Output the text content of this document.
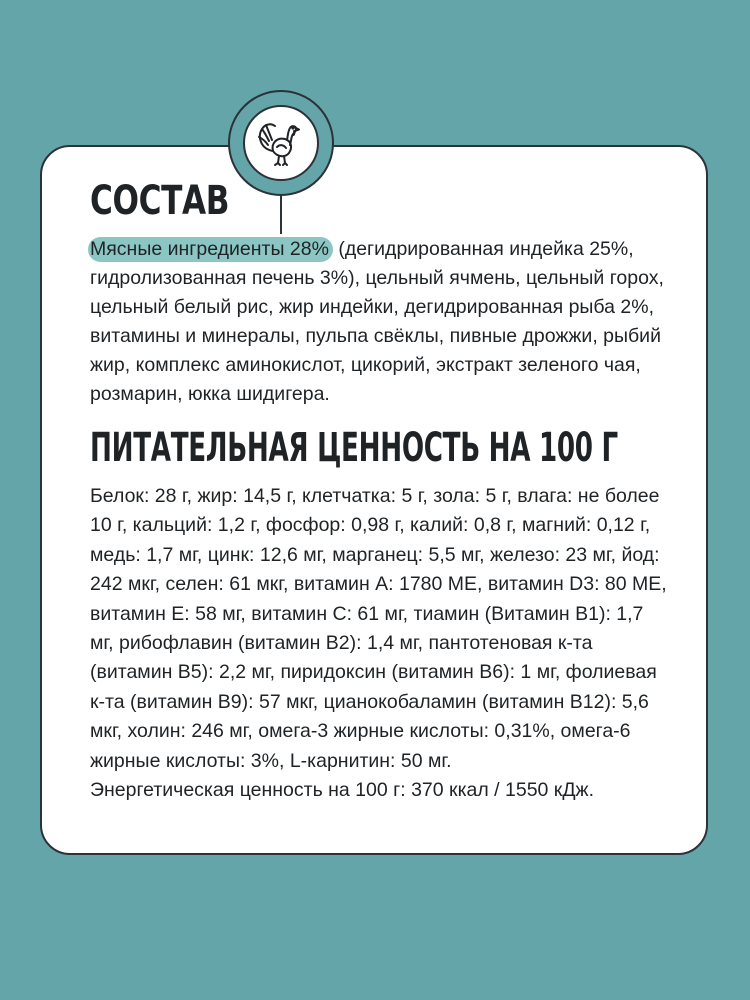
СОСТАВ

Мясные ингредиенты 28% (дегидрированная индейка 25%, гидролизованная печень 3%), цельный ячмень, цельный горох, цельный белый рис, жир индейки, дегидрированная рыба 2%, витамины и минералы, пульпа свёклы, пивные дрожжи, рыбий жир, комплекс аминокислот, цикорий, экстракт зеленого чая, розмарин, юкка шидигера.

ПИТАТЕЛЬНАЯ ЦЕННОСТЬ НА 100 Г

Белок: 28 г, жир: 14,5 г, клетчатка: 5 г, зола: 5 г, влага: не более 10 г, кальций: 1,2 г, фосфор: 0,98 г, калий: 0,8 г, магний: 0,12 г, медь: 1,7 мг, цинк: 12,6 мг, марганец: 5,5 мг, железо: 23 мг, йод: 242 мкг, селен: 61 мкг, витамин А: 1780 МЕ, витамин D3: 80 МЕ, витамин Е: 58 мг, витамин С: 61 мг, тиамин (Витамин В1): 1,7 мг, рибофлавин (витамин В2): 1,4 мг, пантотеновая к-та (витамин В5): 2,2 мг, пиридоксин (витамин В6): 1 мг, фолиевая к-та (витамин В9): 57 мкг, цианокобаламин (витамин В12): 5,6 мкг, холин: 246 мг, омега-3 жирные кислоты: 0,31%, омега-6 жирные кислоты: 3%, L-карнитин: 50 мг.
Энергетическая ценность на 100 г: 370 ккал / 1550 кДж.
